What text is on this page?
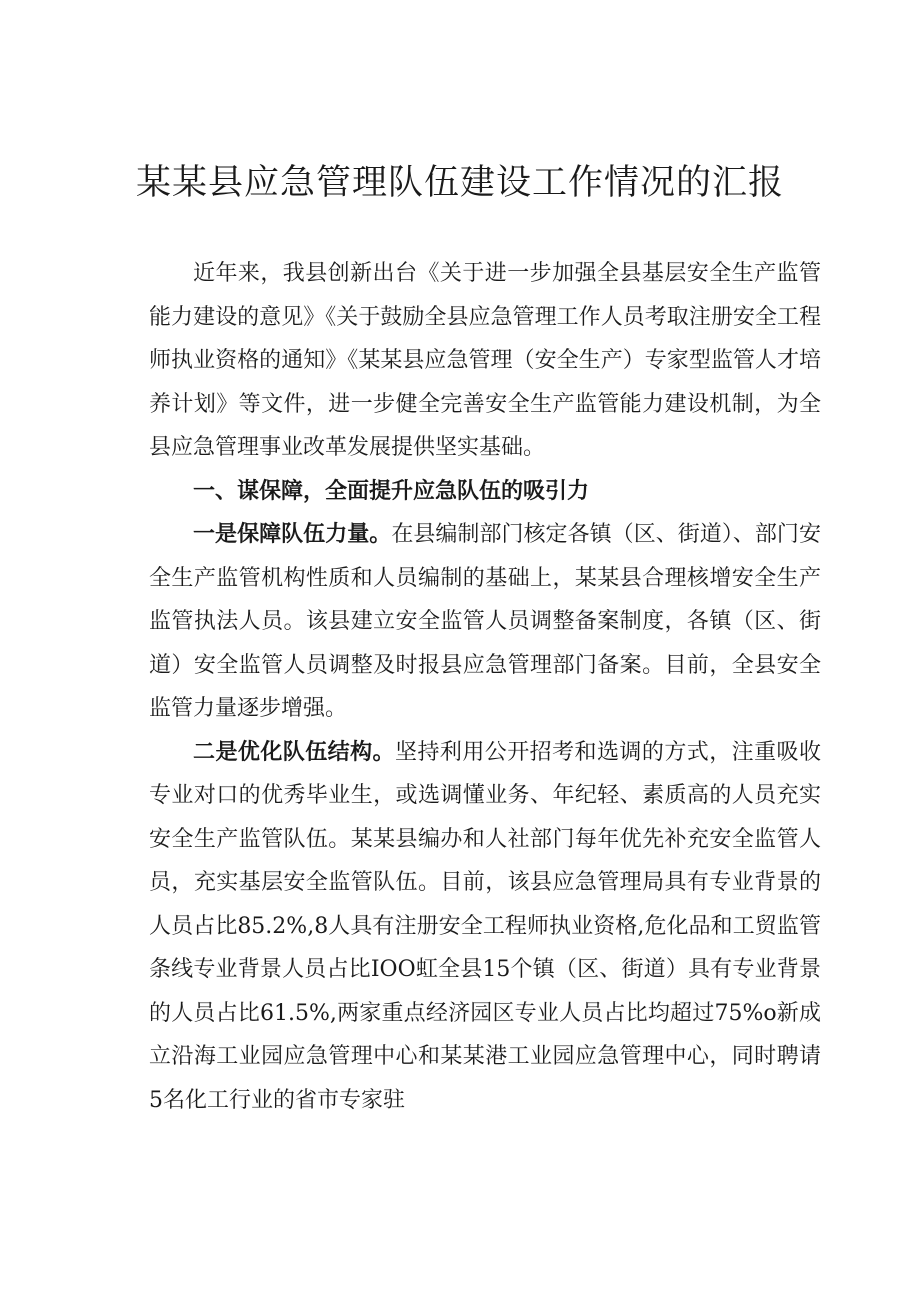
某某县应急管理队伍建设工作情况的汇报

近年来，我县创新出台《关于进一步加强全县基层安全生产监管能力建设的意见》《关于鼓励全县应急管理工作人员考取注册安全工程师执业资格的通知》《某某县应急管理（安全生产）专家型监管人才培养计划》等文件，进一步健全完善安全生产监管能力建设机制，为全县应急管理事业改革发展提供坚实基础。

一、谋保障，全面提升应急队伍的吸引力

一是保障队伍力量。在县编制部门核定各镇（区、街道）、部门安全生产监管机构性质和人员编制的基础上，某某县合理核增安全生产监管执法人员。该县建立安全监管人员调整备案制度，各镇（区、街道）安全监管人员调整及时报县应急管理部门备案。目前，全县安全监管力量逐步增强。

二是优化队伍结构。坚持利用公开招考和选调的方式，注重吸收专业对口的优秀毕业生，或选调懂业务、年纪轻、素质高的人员充实安全生产监管队伍。某某县编办和人社部门每年优先补充安全监管人员，充实基层安全监管队伍。目前，该县应急管理局具有专业背景的人员占比85.2%,8人具有注册安全工程师执业资格,危化品和工贸监管条线专业背景人员占比IOO虹全县15个镇（区、街道）具有专业背景的人员占比61.5%,两家重点经济园区专业人员占比均超过75%o新成立沿海工业园应急管理中心和某某港工业园应急管理中心，同时聘请5名化工行业的省市专家驻
